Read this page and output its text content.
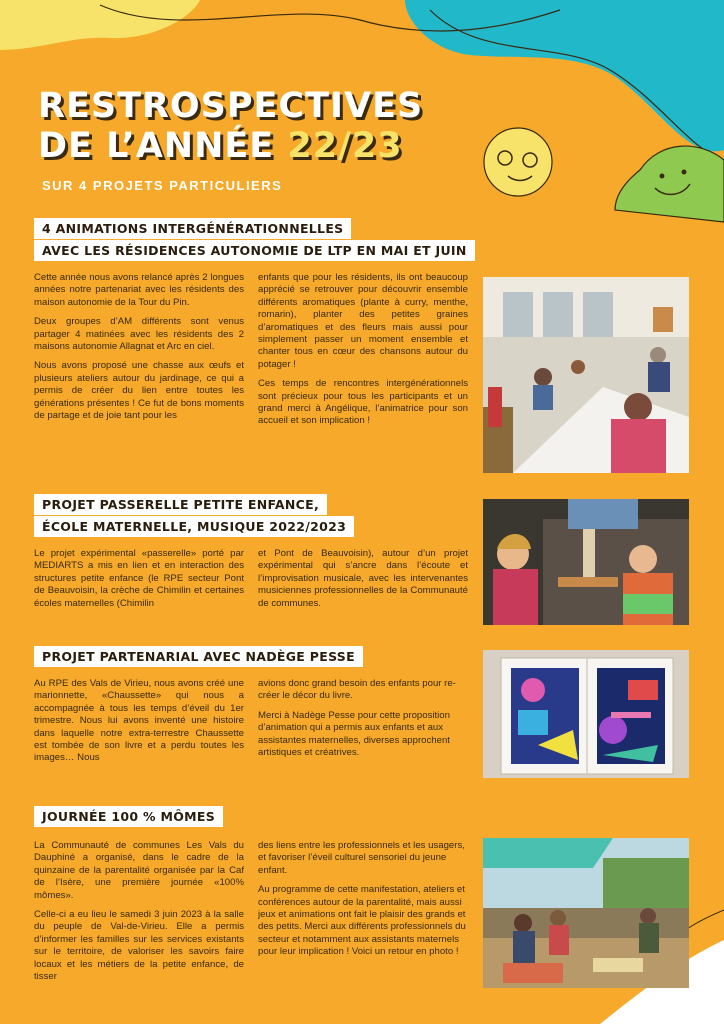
RESTROSPECTIVES
DE L’ANNÉE 22/23
SUR 4 PROJETS PARTICULIERS
4 ANIMATIONS INTERGÉNÉRATIONNELLES
AVEC LES RÉSIDENCES AUTONOMIE DE LTP EN MAI ET JUIN

Cette année nous avons relancé après 2 longues années notre partenariat avec les résidents des maison autonomie de la Tour du Pin.

Deux groupes d’AM différents sont venus partager 4 matinées avec les résidents des 2 maisons autonomie Allagnat et Arc en ciel.

Nous avons proposé une chasse aux œufs et plusieurs ateliers autour du jardinage, ce qui a permis de créer du lien entre toutes les générations présentes ! Ce fut de bons moments de partage et de joie tant pour les

enfants que pour les résidents, ils ont beaucoup apprécié se retrouver pour découvrir ensemble différents aromatiques (plante à curry, menthe, romarin), planter des petites graines d’aromatiques et des fleurs mais aussi pour simplement passer un moment ensemble et chanter tous en cœur des chansons autour du potager !

Ces temps de rencontres intergénérationnels sont précieux pour tous les participants et un grand merci à Angélique, l’animatrice pour son accueil et son implication !

PROJET PASSERELLE PETITE ENFANCE,
ÉCOLE MATERNELLE, MUSIQUE 2022/2023

Le projet expérimental «passerelle» porté par MEDIARTS a mis en lien et en interaction des structures petite enfance (le RPE secteur Pont de Beauvoisin, la crèche de Chimilin et certaines écoles maternelles (Chimilin

et Pont de Beauvoisin), autour d’un projet expérimental qui s’ancre dans l’écoute et l’improvisation musicale, avec les intervenantes musiciennes professionnelles de la Communauté de communes.

PROJET PARTENARIAL AVEC NADÈGE PESSE

Au RPE des Vals de Virieu, nous avons créé une marionnette, «Chaussette» qui nous a accompagnée à tous les temps d’éveil du 1er trimestre. Nous lui avons inventé une histoire dans laquelle notre extra-terrestre Chaussette est tombée de son livre et a perdu toutes les images… Nous

avions donc grand besoin des enfants pour re-créer le décor du livre.

Merci à Nadège Pesse pour cette proposition d’animation qui a permis aux enfants et aux assistantes maternelles, diverses approchent artistiques et créatrives.

JOURNÉE 100 % MÔMES

La Communauté de communes Les Vals du Dauphiné a organisé, dans le cadre de la quinzaine de la parentalité organisée par la Caf de l’Isère, une première journée «100% mômes».

Celle-ci a eu lieu le samedi 3 juin 2023 à la salle du peuple de Val-de-Virieu. Elle a permis d’informer les familles sur les services existants sur le territoire, de valoriser les savoirs faire locaux et les métiers de la petite enfance, de tisser

des liens entre les professionnels et les usagers, et favoriser l’éveil culturel sensoriel du jeune enfant.

Au programme de cette manifestation, ateliers et conférences autour de la parentalité, mais aussi jeux et animations ont fait le plaisir des grands et des petits. Merci aux différents professionnels du secteur et notamment aux assistants maternels pour leur implication ! Voici un retour en photo !
